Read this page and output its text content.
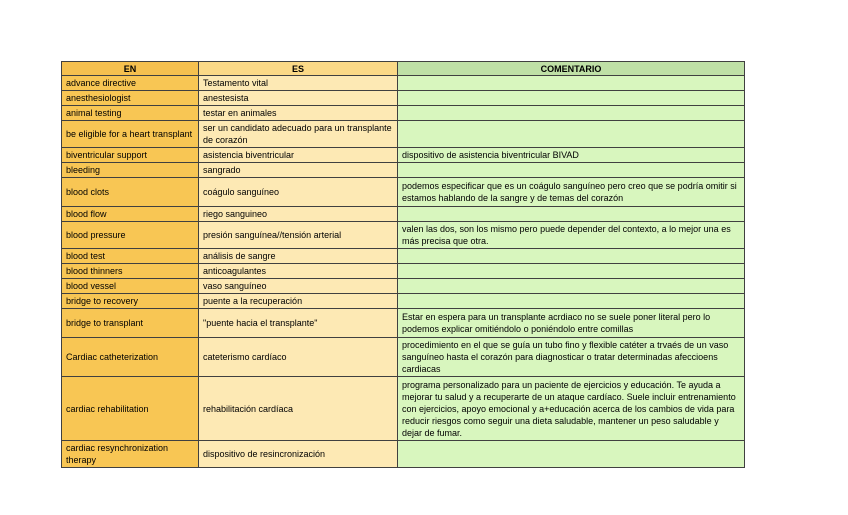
EN	ES	COMENTARIO
advance directive	Testamento vital	
anesthesiologist	anestesista	
animal testing	testar en animales	
be eligible for a heart transplant	ser un candidato adecuado para un transplante de corazón	
biventricular support	asistencia biventricular	dispositivo de asistencia biventricular BIVAD
bleeding	sangrado	
blood clots	coágulo sanguíneo	podemos especificar que es un coágulo sanguíneo pero creo que se podría omitir si estamos hablando de la sangre y de temas del corazón
blood flow	riego sanguineo	
blood pressure	presión sanguínea//tensión arterial	valen las dos, son los mismo pero puede depender del contexto, a lo mejor una es más precisa que otra.
blood test	análisis de sangre	
blood thinners	anticoagulantes	
blood vessel	vaso sanguíneo	
bridge to recovery	puente a la recuperación	
bridge to transplant	"puente hacia el transplante"	Estar en espera para un transplante acrdiaco no se suele poner literal pero lo podemos explicar omitiéndolo o poniéndolo entre comillas
Cardiac catheterization	cateterismo cardíaco	procedimiento en el que se guía un tubo fino y flexible catéter a trvaés de un vaso sanguíneo hasta el corazón para diagnosticar o tratar determinadas afeccioens cardiacas
cardiac rehabilitation	rehabilitación cardíaca	programa personalizado para un paciente de ejercicios y educación. Te ayuda a mejorar tu salud y a recuperarte de un ataque cardíaco. Suele incluir entrenamiento con ejercicios, apoyo emocional y a+educación acerca de los cambios de vida para reducir riesgos como seguir una dieta saludable, mantener un peso saludable y dejar de fumar.
cardiac resynchronization therapy	dispositivo de resincronización	
